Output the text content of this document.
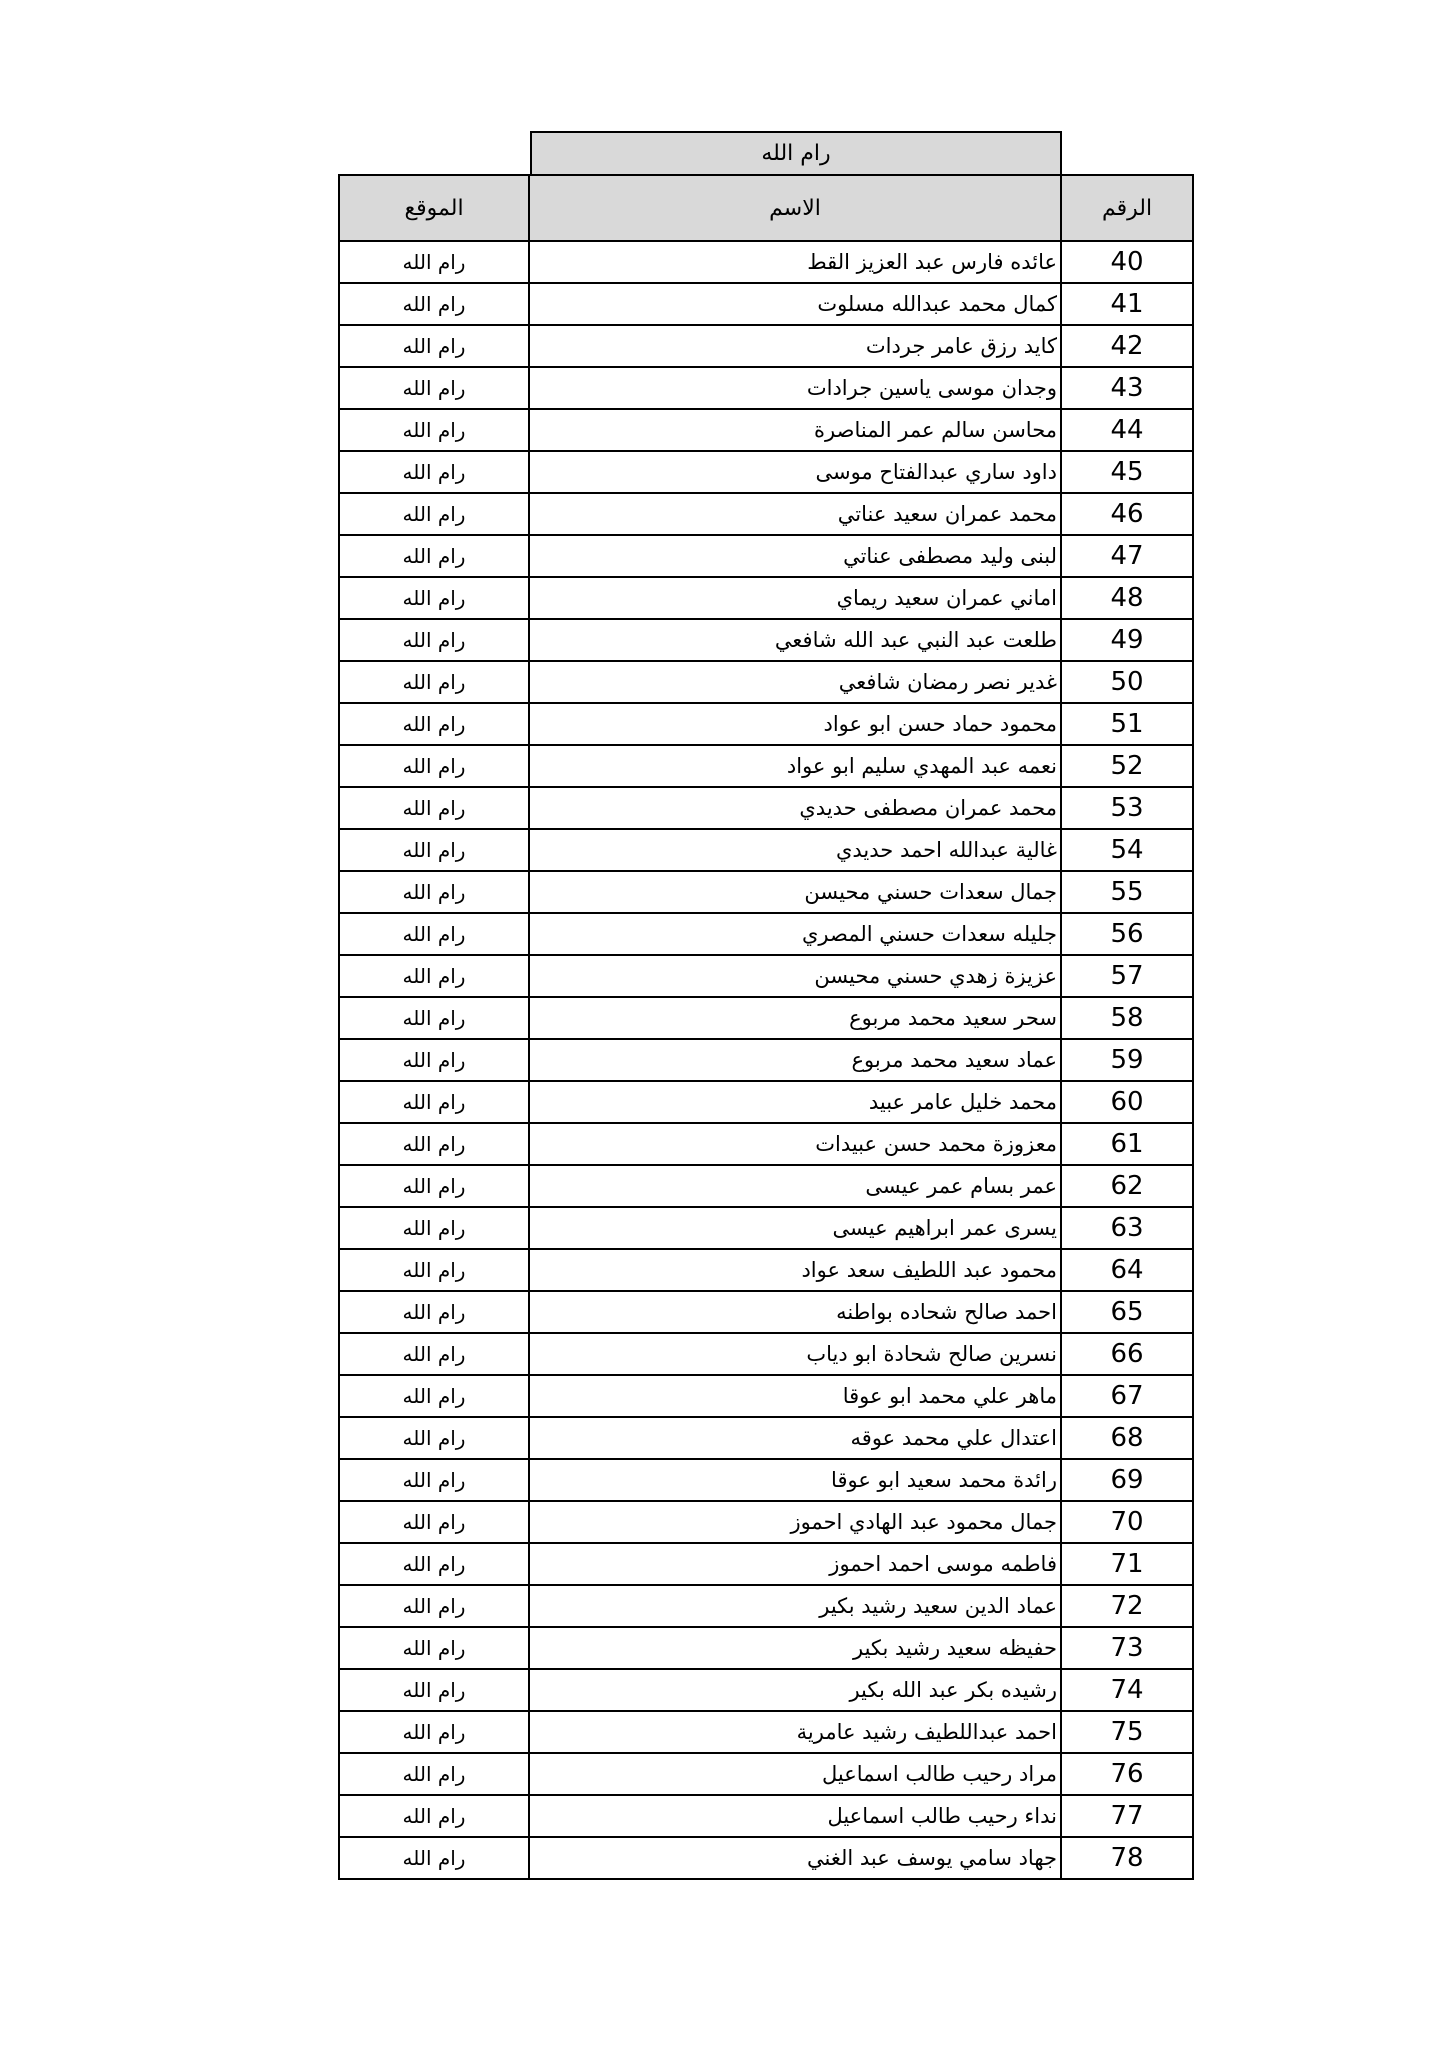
رام الله
الرقم	الاسم	الموقع
40	عائده فارس عبد العزيز القط	رام الله
41	كمال محمد عبدالله مسلوت	رام الله
42	كايد رزق عامر جردات	رام الله
43	وجدان موسى ياسين جرادات	رام الله
44	محاسن سالم عمر المناصرة	رام الله
45	داود ساري عبدالفتاح موسى	رام الله
46	محمد عمران سعيد عناتي	رام الله
47	لبنى وليد مصطفى عناتي	رام الله
48	اماني عمران سعيد ريماي	رام الله
49	طلعت عبد النبي عبد الله شافعي	رام الله
50	غدير نصر رمضان شافعي	رام الله
51	محمود حماد حسن ابو عواد	رام الله
52	نعمه عبد المهدي سليم ابو عواد	رام الله
53	محمد عمران مصطفى حديدي	رام الله
54	غالية عبدالله احمد حديدي	رام الله
55	جمال سعدات حسني محيسن	رام الله
56	جليله سعدات حسني المصري	رام الله
57	عزيزة زهدي حسني محيسن	رام الله
58	سحر سعيد محمد مربوع	رام الله
59	عماد سعيد محمد مربوع	رام الله
60	محمد خليل عامر عبيد	رام الله
61	معزوزة محمد حسن عبيدات	رام الله
62	عمر بسام عمر عيسى	رام الله
63	يسرى عمر ابراهيم عيسى	رام الله
64	محمود عبد اللطيف سعد عواد	رام الله
65	احمد صالح شحاده بواطنه	رام الله
66	نسرين صالح شحادة ابو دياب	رام الله
67	ماهر علي محمد ابو عوقا	رام الله
68	اعتدال علي محمد عوقه	رام الله
69	رائدة محمد سعيد ابو عوقا	رام الله
70	جمال محمود عبد الهادي احموز	رام الله
71	فاطمه موسى احمد احموز	رام الله
72	عماد الدين سعيد رشيد بكير	رام الله
73	حفيظه سعيد رشيد بكير	رام الله
74	رشيده بكر عبد الله بكير	رام الله
75	احمد عبداللطيف رشيد عامرية	رام الله
76	مراد رحيب طالب اسماعيل	رام الله
77	نداء رحيب طالب اسماعيل	رام الله
78	جهاد سامي يوسف عبد الغني	رام الله
